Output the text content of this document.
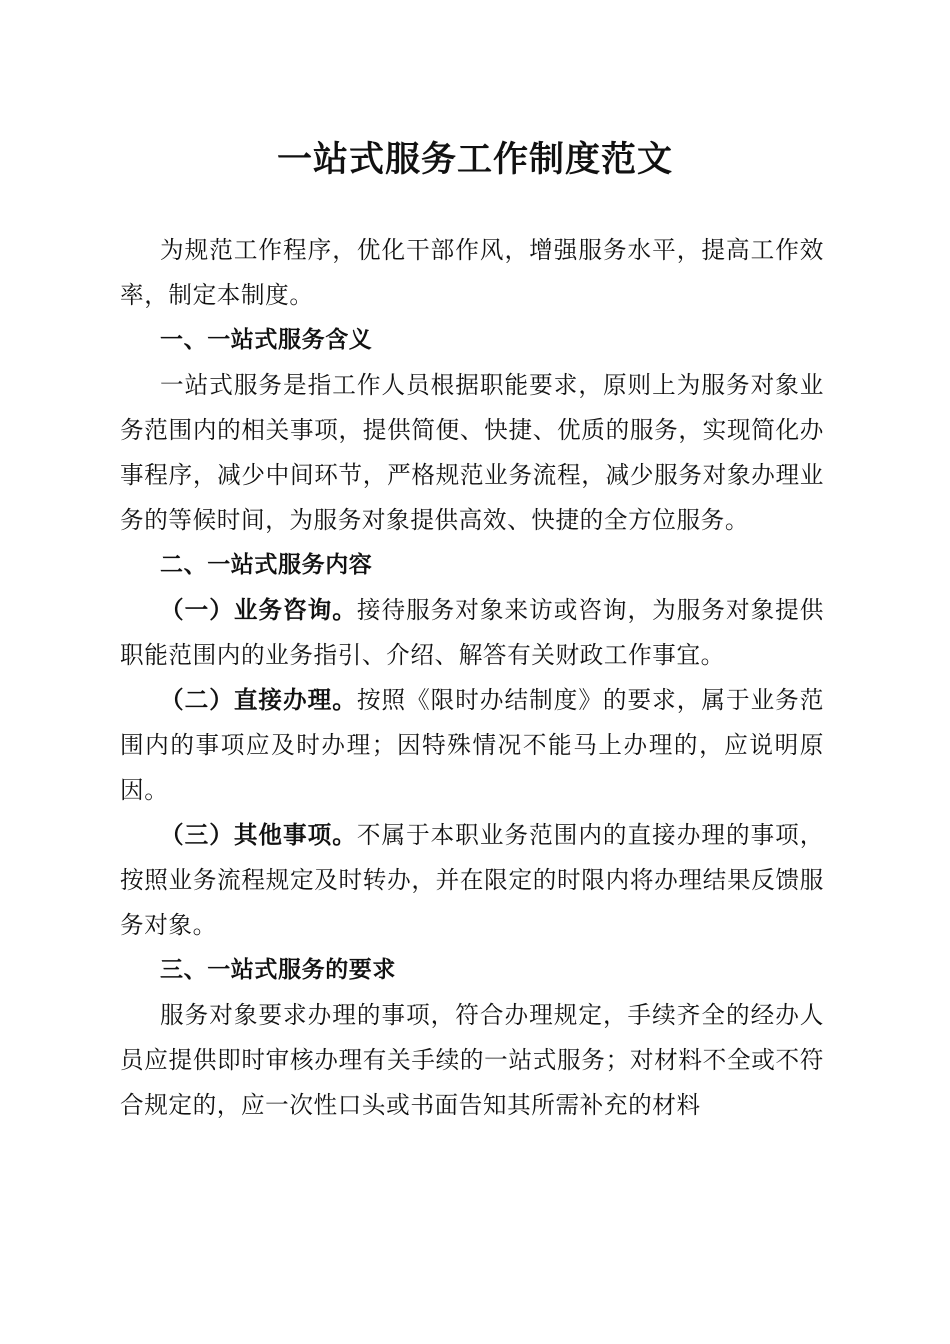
一站式服务工作制度范文

为规范工作程序，优化干部作风，增强服务水平，提高工作效率，制定本制度。

一、一站式服务含义

一站式服务是指工作人员根据职能要求，原则上为服务对象业务范围内的相关事项，提供简便、快捷、优质的服务，实现简化办事程序，减少中间环节，严格规范业务流程，减少服务对象办理业务的等候时间，为服务对象提供高效、快捷的全方位服务。

二、一站式服务内容

（一）业务咨询。接待服务对象来访或咨询，为服务对象提供职能范围内的业务指引、介绍、解答有关财政工作事宜。

（二）直接办理。按照《限时办结制度》的要求，属于业务范围内的事项应及时办理；因特殊情况不能马上办理的，应说明原因。

（三）其他事项。不属于本职业务范围内的直接办理的事项，按照业务流程规定及时转办，并在限定的时限内将办理结果反馈服务对象。

三、一站式服务的要求

服务对象要求办理的事项，符合办理规定，手续齐全的经办人员应提供即时审核办理有关手续的一站式服务；对材料不全或不符合规定的，应一次性口头或书面告知其所需补充的材料
